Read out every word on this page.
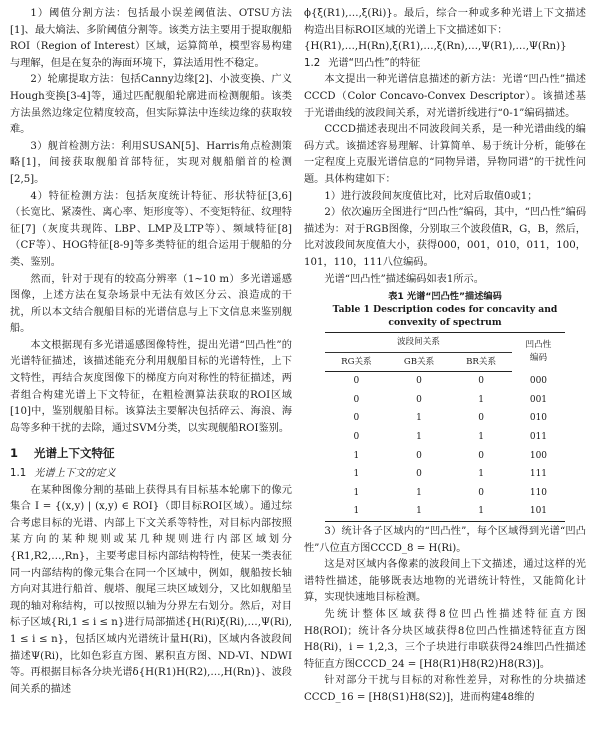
1）阈值分割方法：包括最小误差阈值法、OTSU方法[1]、最大熵法、多阶阈值分割等。该类方法主要用于提取舰船ROI（Region of Interest）区域，运算简单，模型容易构建与理解，但是在复杂的海面环境下，算法适用性不稳定。

2）轮廓提取方法：包括Canny边缘[2]、小波变换、广义Hough变换[3-4]等，通过匹配舰船轮廓进而检测舰船。该类方法虽然边缘定位精度较高，但实际算法中连续边缘的获取较难。

3）舰首检测方法：利用SUSAN[5]、Harris角点检测策略[1]，间接获取舰船首部特征，实现对舰船艏首的检测[2,5]。

4）特征检测方法：包括灰度统计特征、形状特征[3,6]（长宽比、紧凑性、离心率、矩形度等）、不变矩特征、纹理特征[7]（灰度共现阵、LBP、LMP及LTP等）、频域特征[8]（CF等）、HOG特征[8-9]等多类特征的组合运用于舰船的分类、鉴别。

然而，针对于现有的较高分辨率（1~10 m）多光谱遥感图像，上述方法在复杂场景中无法有效区分云、浪造成的干扰，所以本文结合舰船目标的光谱信息与上下文信息来鉴别舰船。

本文根据现有多光谱遥感图像特性，提出光谱“凹凸性”的光谱特征描述，该描述能充分利用舰船目标的光谱特性，上下文特性，再结合灰度图像下的梯度方向对称性的特征描述，两者组合构建光谱上下文特征，在粗检测算法获取的ROI区域[10]中，鉴别舰船目标。该算法主要解决包括碎云、海浪、海岛等多种干扰的去除，通过SVM分类，以实现舰船ROI鉴别。

1 光谱上下文特征
1.1 光谱上下文的定义

在某种图像分割的基础上获得具有目标基本轮廓下的像元集合 I = {(x,y) | (x,y) ∈ ROI}（即目标ROI区域）。通过综合考虑目标的光谱、内部上下文关系等特性，对目标内部按照某方向的某种规则或某几种规则进行内部区域划分{R1,R2,…,Rn}，主要考虑目标内部结构特性，使某一类表征同一内部结构的像元集合在同一个区域中，例如，舰船按长轴方向对其进行船首、舰塔、舰尾三块区域划分，又比如舰船呈现的轴对称结构，可以按照以轴为分界左右划分。然后，对目标子区域{Ri,1 ≤ i ≤ n}进行局部描述{H(Ri)ξ(Ri),…,Ψ(Ri), 1 ≤ i ≤ n}，包括区域内光谱统计量H(Ri)，区域内各波段间描述Ψ(Ri)，比如色彩直方图、累积直方图、ND-VI、NDWI等。再根据目标各分块光谱δ{H(R1)H(R2),…,H(Rn)}、波段间关系的描述

ϕ{ξ(R1),…,ξ(Ri)}。最后，综合一种或多种光谱上下文描述构造出目标ROI区域的光谱上下文描述如下：

{H(R1),…,H(Rn),ξ(R1),…,ξ(Rn),…,Ψ(R1),…,Ψ(Rn)}

1.2 光谱“凹凸性”的特征

本文提出一种光谱信息描述的新方法：光谱“凹凸性”描述CCCD（Color Concavo-Convex Descriptor）。该描述基于光谱曲线的波段间关系，对光谱折线进行“0-1”编码描述。

CCCD描述表现出不同波段间关系，是一种光谱曲线的编码方式。该描述容易理解、计算简单、易于统计分析，能够在一定程度上克服光谱信息的“同物异谱，异物同谱”的干扰性问题。具体构建如下：

1）进行波段间灰度值比对，比对后取值0或1；

2）依次遍历全图进行“凹凸性”编码，其中，“凹凸性”编码描述为：对于RGB图像，分别取三个波段值R，G，B，然后，比对波段间灰度值大小，获得000，001，010，011，100，101，110，111八位编码。

光谱“凹凸性”描述编码如表1所示。

表1 光谱“凹凸性”描述编码
Table 1 Description codes for concavity and
convexity of spectrum
波段间关系			凹凸性
编码
RG关系	GB关系	BR关系	
0	0	0	000
0	0	1	001
0	1	0	010
0	1	1	011
1	0	0	100
1	0	1	111
1	1	0	110
1	1	1	101

3）统计各子区域内的“凹凸性”，每个区域得到光谱“凹凸性”八位直方图CCCD_8 = H(Ri)。

这是对区域内各像素的波段间上下文描述，通过这样的光谱特性描述，能够既表达地物的光谱统计特性，又能简化计算，实现快速地目标检测。

先统计整体区域获得8位凹凸性描述特征直方图H8(ROI)；统计各分块区域获得8位凹凸性描述特征直方图H8(Ri)，i = 1,2,3，三个子块进行串联获得24维凹凸性描述特征直方图CCCD_24 = [H8(R1)H8(R2)H8(R3)]。

针对部分干扰与目标的对称性差异，对称性的分块描述CCCD_16 = [H8(S1)H8(S2)]，进而构建48维的
